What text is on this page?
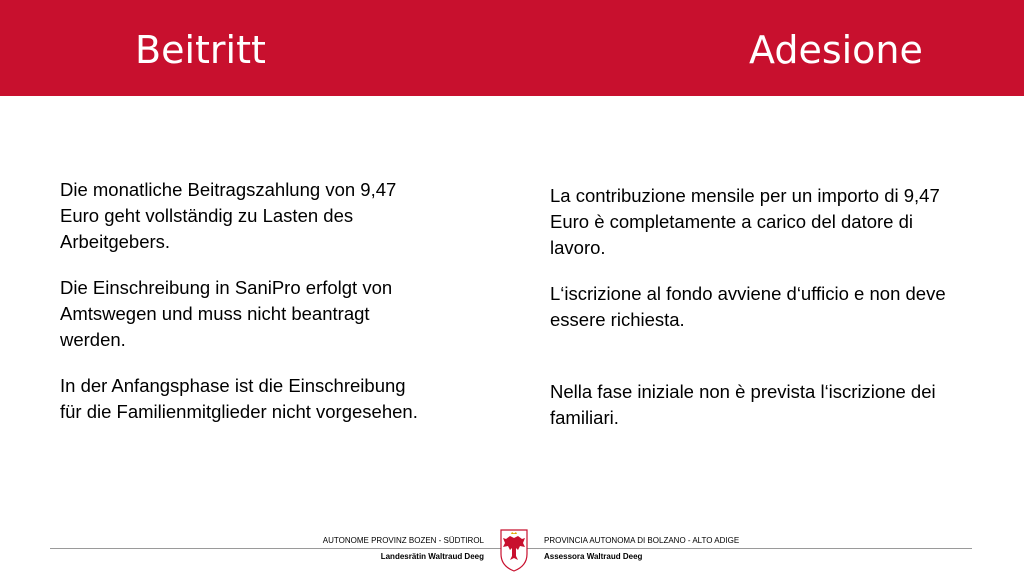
Beitritt	Adesione

Die monatliche Beitragszahlung von 9,47 Euro geht vollständig zu Lasten des Arbeitgebers.

Die Einschreibung in SaniPro erfolgt von Amtswegen und muss nicht beantragt werden.

In der Anfangsphase ist die Einschreibung für die Familienmitglieder nicht vorgesehen.

La contribuzione mensile per un importo di 9,47 Euro è completamente a carico del datore di lavoro.

L‘iscrizione al fondo avviene d‘ufficio e non deve essere richiesta.

Nella fase iniziale non è prevista l‘iscrizione dei familiari.

AUTONOME PROVINZ BOZEN - SÜDTIROL
Landesrätin Waltraud Deeg
PROVINCIA AUTONOMA DI BOLZANO - ALTO ADIGE
Assessora Waltraud Deeg
